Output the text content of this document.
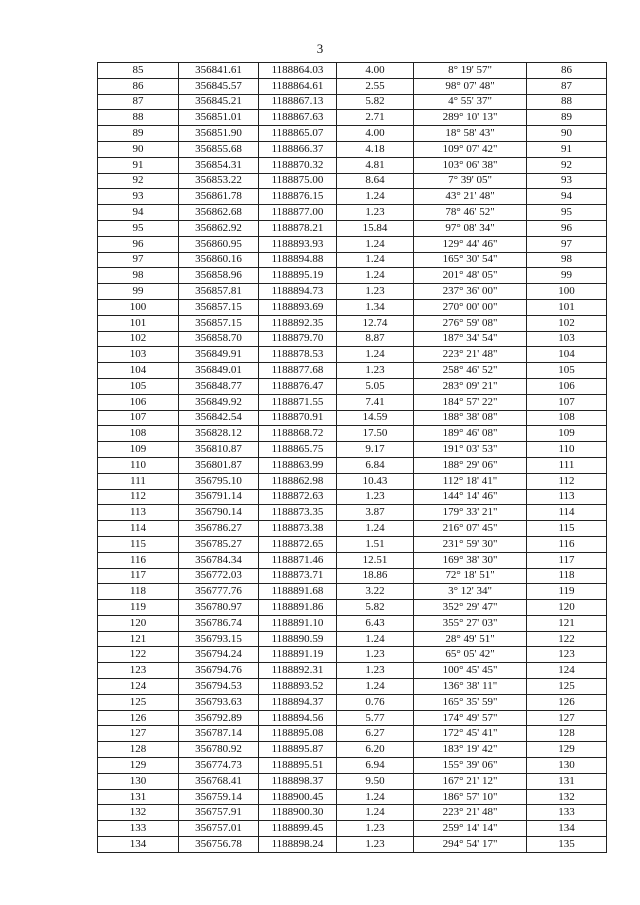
3
85	356841.61	1188864.03	4.00	8° 19' 57"	86
86	356845.57	1188864.61	2.55	98° 07' 48"	87
87	356845.21	1188867.13	5.82	4° 55' 37"	88
88	356851.01	1188867.63	2.71	289° 10' 13"	89
89	356851.90	1188865.07	4.00	18° 58' 43"	90
90	356855.68	1188866.37	4.18	109° 07' 42"	91
91	356854.31	1188870.32	4.81	103° 06' 38"	92
92	356853.22	1188875.00	8.64	7° 39' 05"	93
93	356861.78	1188876.15	1.24	43° 21' 48"	94
94	356862.68	1188877.00	1.23	78° 46' 52"	95
95	356862.92	1188878.21	15.84	97° 08' 34"	96
96	356860.95	1188893.93	1.24	129° 44' 46"	97
97	356860.16	1188894.88	1.24	165° 30' 54"	98
98	356858.96	1188895.19	1.24	201° 48' 05"	99
99	356857.81	1188894.73	1.23	237° 36' 00"	100
100	356857.15	1188893.69	1.34	270° 00' 00"	101
101	356857.15	1188892.35	12.74	276° 59' 08"	102
102	356858.70	1188879.70	8.87	187° 34' 54"	103
103	356849.91	1188878.53	1.24	223° 21' 48"	104
104	356849.01	1188877.68	1.23	258° 46' 52"	105
105	356848.77	1188876.47	5.05	283° 09' 21"	106
106	356849.92	1188871.55	7.41	184° 57' 22"	107
107	356842.54	1188870.91	14.59	188° 38' 08"	108
108	356828.12	1188868.72	17.50	189° 46' 08"	109
109	356810.87	1188865.75	9.17	191° 03' 53"	110
110	356801.87	1188863.99	6.84	188° 29' 06"	111
111	356795.10	1188862.98	10.43	112° 18' 41"	112
112	356791.14	1188872.63	1.23	144° 14' 46"	113
113	356790.14	1188873.35	3.87	179° 33' 21"	114
114	356786.27	1188873.38	1.24	216° 07' 45"	115
115	356785.27	1188872.65	1.51	231° 59' 30"	116
116	356784.34	1188871.46	12.51	169° 38' 30"	117
117	356772.03	1188873.71	18.86	72° 18' 51"	118
118	356777.76	1188891.68	3.22	3° 12' 34"	119
119	356780.97	1188891.86	5.82	352° 29' 47"	120
120	356786.74	1188891.10	6.43	355° 27' 03"	121
121	356793.15	1188890.59	1.24	28° 49' 51"	122
122	356794.24	1188891.19	1.23	65° 05' 42"	123
123	356794.76	1188892.31	1.23	100° 45' 45"	124
124	356794.53	1188893.52	1.24	136° 38' 11"	125
125	356793.63	1188894.37	0.76	165° 35' 59"	126
126	356792.89	1188894.56	5.77	174° 49' 57"	127
127	356787.14	1188895.08	6.27	172° 45' 41"	128
128	356780.92	1188895.87	6.20	183° 19' 42"	129
129	356774.73	1188895.51	6.94	155° 39' 06"	130
130	356768.41	1188898.37	9.50	167° 21' 12"	131
131	356759.14	1188900.45	1.24	186° 57' 10"	132
132	356757.91	1188900.30	1.24	223° 21' 48"	133
133	356757.01	1188899.45	1.23	259° 14' 14"	134
134	356756.78	1188898.24	1.23	294° 54' 17"	135
